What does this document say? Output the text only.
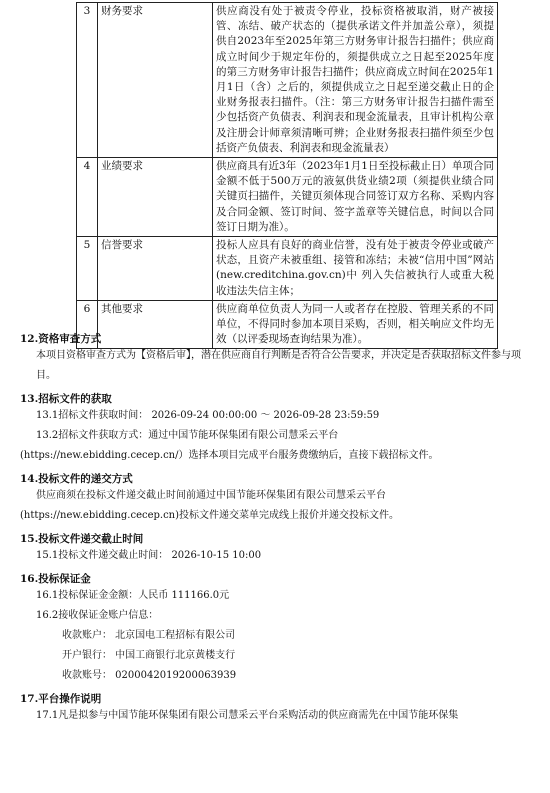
3	财务要求	供应商没有处于被责令停业，投标资格被取消，财产被接管、冻结、破产状态的（提供承诺文件并加盖公章），须提供自2023年至2025年第三方财务审计报告扫描件；供应商成立时间少于规定年份的，须提供成立之日起至2025年度的第三方财务审计报告扫描件；供应商成立时间在2025年1月1日（含）之后的，须提供成立之日起至递交截止日的企业财务报表扫描件。（注：第三方财务审计报告扫描件需至少包括资产负债表、利润表和现金流量表，且审计机构公章及注册会计师章须清晰可辨；企业财务报表扫描件须至少包括资产负债表、利润表和现金流量表）
4	业绩要求	供应商具有近3年（2023年1月1日至投标截止日）单项合同金额不低于500万元的液氨供货业绩2项（须提供业绩合同关键页扫描件，关键页须体现合同签订双方名称、采购内容及合同金额、签订时间、签字盖章等关键信息，时间以合同签订日期为准）。
5	信誉要求	投标人应具有良好的商业信誉，没有处于被责令停业或破产状态，且资产未被重组、接管和冻结；未被“信用中国”网站(new.creditchina.gov.cn)中 列入失信被执行人或重大税收违法失信主体；
6	其他要求	供应商单位负责人为同一人或者存在控股、管理关系的不同单位，不得同时参加本项目采购，否则，相关响应文件均无效（以评委现场查询结果为准）。
12.资格审查方式
本项目资格审查方式为【资格后审】，潜在供应商自行判断是否符合公告要求，并决定是否获取招标文件参与项目。
13.招标文件的获取
13.1招标文件获取时间： 2026-09-24 00:00:00 ～ 2026-09-28 23:59:59
13.2招标文件获取方式：通过中国节能环保集团有限公司慧采云平台
(https://new.ebidding.cecep.cn/）选择本项目完成平台服务费缴纳后，直接下载招标文件。
14.投标文件的递交方式
供应商须在投标文件递交截止时间前通过中国节能环保集团有限公司慧采云平台
(https://new.ebidding.cecep.cn)投标文件递交菜单完成线上报价并递交投标文件。
15.投标文件递交截止时间
15.1投标文件递交截止时间： 2026-10-15 10:00
16.投标保证金
16.1投标保证金金额：人民币 111166.0元
16.2接收保证金账户信息：
收款账户： 北京国电工程招标有限公司
开户银行： 中国工商银行北京黄楼支行
收款账号： 0200042019200063939
17.平台操作说明
17.1凡是拟参与中国节能环保集团有限公司慧采云平台采购活动的供应商需先在中国节能环保集
